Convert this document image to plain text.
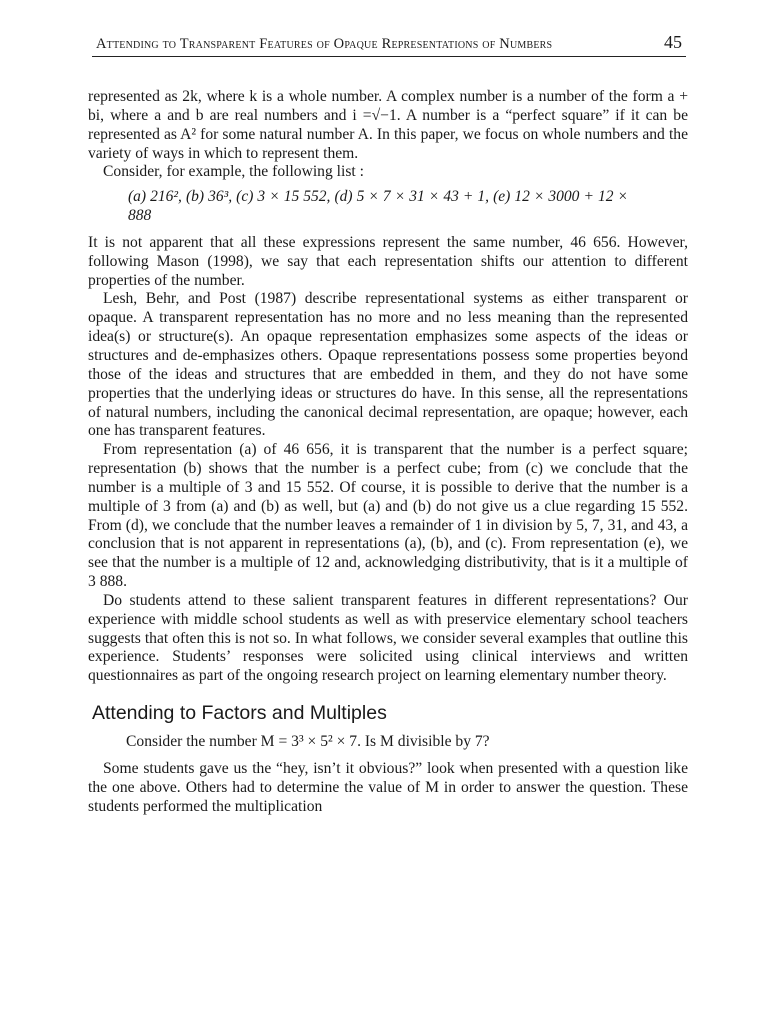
Attending to Transparent Features of Opaque Representations of Numbers	45

represented as 2k, where k is a whole number. A complex number is a number of the form a + bi, where a and b are real numbers and i =√−1. A number is a “perfect square” if it can be represented as A² for some natural number A. In this paper, we focus on whole numbers and the variety of ways in which to represent them.

Consider, for example, the following list :

(a) 216², (b) 36³, (c) 3 × 15 552, (d) 5 × 7 × 31 × 43 + 1, (e) 12 × 3000 + 12 × 888

It is not apparent that all these expressions represent the same number, 46 656. However, following Mason (1998), we say that each representation shifts our attention to different properties of the number.

Lesh, Behr, and Post (1987) describe representational systems as either transparent or opaque. A transparent representation has no more and no less meaning than the represented idea(s) or structure(s). An opaque representation emphasizes some aspects of the ideas or structures and de-emphasizes others. Opaque representations possess some properties beyond those of the ideas and structures that are embedded in them, and they do not have some properties that the underlying ideas or structures do have. In this sense, all the representations of natural numbers, including the canonical decimal representation, are opaque; however, each one has transparent features.

From representation (a) of 46 656, it is transparent that the number is a perfect square; representation (b) shows that the number is a perfect cube; from (c) we conclude that the number is a multiple of 3 and 15 552. Of course, it is possible to derive that the number is a multiple of 3 from (a) and (b) as well, but (a) and (b) do not give us a clue regarding 15 552. From (d), we conclude that the number leaves a remainder of 1 in division by 5, 7, 31, and 43, a conclusion that is not apparent in representations (a), (b), and (c). From representation (e), we see that the number is a multiple of 12 and, acknowledging distributivity, that is it a multiple of 3 888.

Do students attend to these salient transparent features in different representations? Our experience with middle school students as well as with preservice elementary school teachers suggests that often this is not so. In what follows, we consider several examples that outline this experience. Students’ responses were solicited using clinical interviews and written questionnaires as part of the ongoing research project on learning elementary number theory.

Attending to Factors and Multiples

Consider the number M = 3³ × 5² × 7. Is M divisible by 7?

Some students gave us the “hey, isn’t it obvious?” look when presented with a question like the one above. Others had to determine the value of M in order to answer the question. These students performed the multiplication
